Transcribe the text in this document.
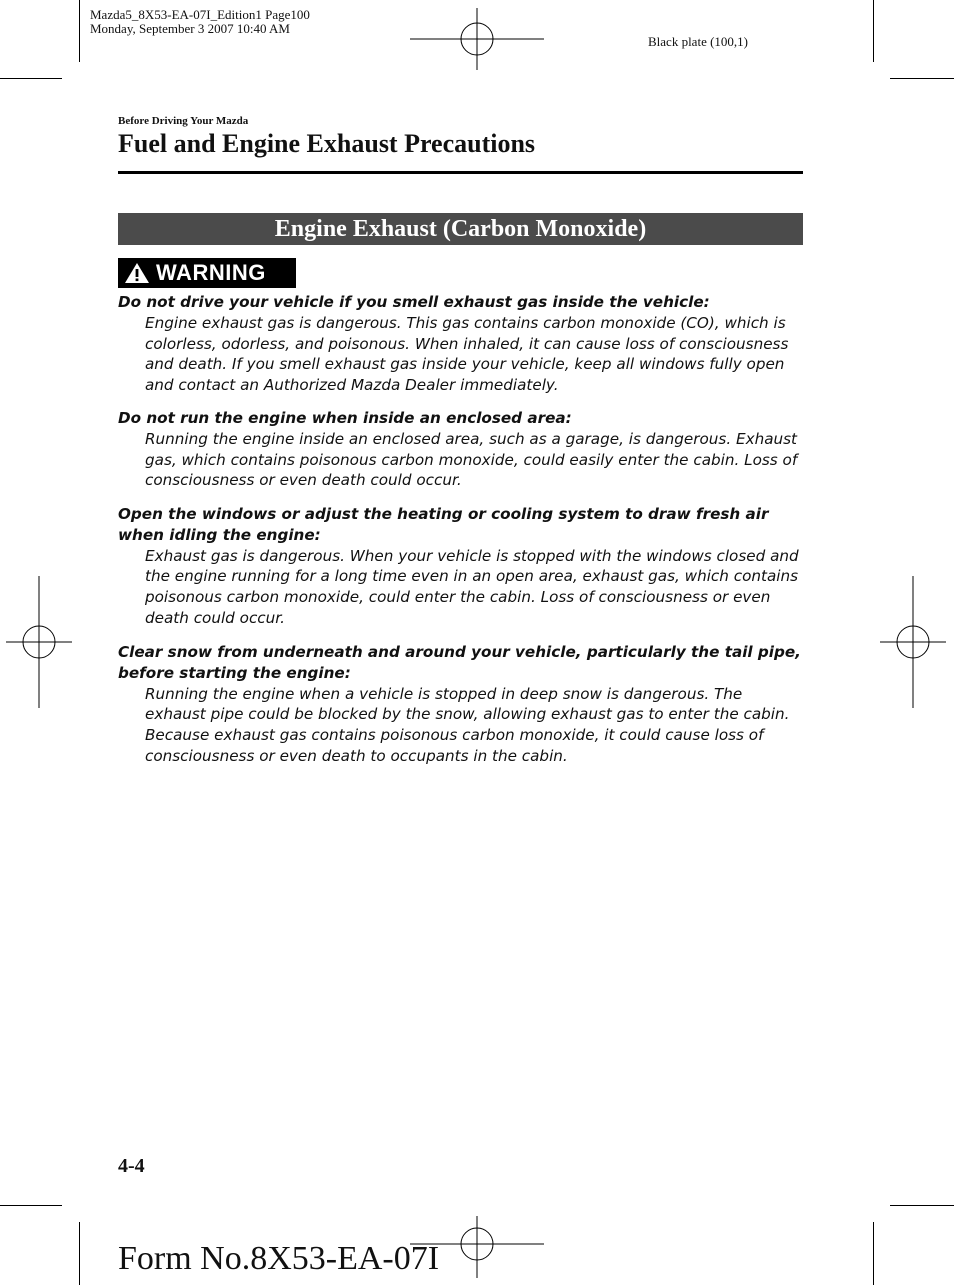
Mazda5_8X53-EA-07I_Edition1 Page100
Monday, September 3 2007 10:40 AM
Black plate (100,1)
Before Driving Your Mazda
Fuel and Engine Exhaust Precautions
Engine Exhaust (Carbon Monoxide)
WARNING
Do not drive your vehicle if you smell exhaust gas inside the vehicle:
Engine exhaust gas is dangerous. This gas contains carbon monoxide (CO), which is colorless, odorless, and poisonous. When inhaled, it can cause loss of consciousness and death. If you smell exhaust gas inside your vehicle, keep all windows fully open and contact an Authorized Mazda Dealer immediately.
Do not run the engine when inside an enclosed area:
Running the engine inside an enclosed area, such as a garage, is dangerous. Exhaust gas, which contains poisonous carbon monoxide, could easily enter the cabin. Loss of consciousness or even death could occur.
Open the windows or adjust the heating or cooling system to draw fresh air when idling the engine:
Exhaust gas is dangerous. When your vehicle is stopped with the windows closed and the engine running for a long time even in an open area, exhaust gas, which contains poisonous carbon monoxide, could enter the cabin. Loss of consciousness or even death could occur.
Clear snow from underneath and around your vehicle, particularly the tail pipe, before starting the engine:
Running the engine when a vehicle is stopped in deep snow is dangerous. The exhaust pipe could be blocked by the snow, allowing exhaust gas to enter the cabin. Because exhaust gas contains poisonous carbon monoxide, it could cause loss of consciousness or even death to occupants in the cabin.
4-4
Form No.8X53-EA-07I
